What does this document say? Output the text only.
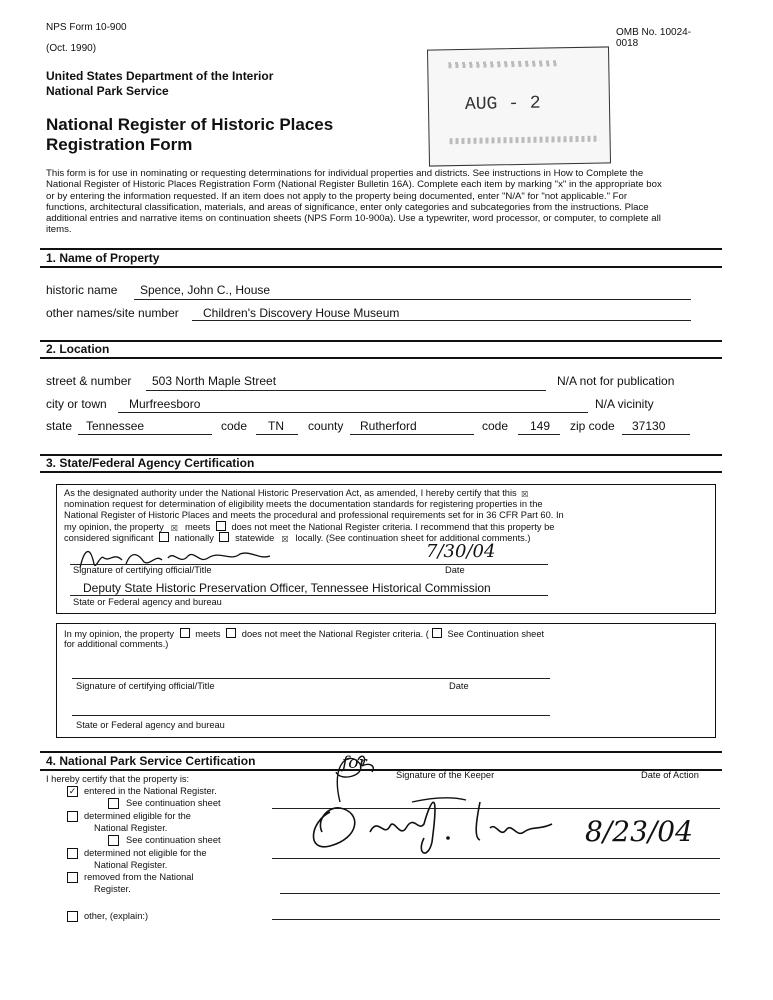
NPS Form 10-900
(Oct. 1990)
OMB No. 10024-
0018
United States Department of the Interior
National Park Service
National Register of Historic Places
Registration Form
AUG - 2
This form is for use in nominating or requesting determinations for individual properties and districts. See instructions in How to Complete the
National Register of Historic Places Registration Form (National Register Bulletin 16A). Complete each item by marking "x" in the appropriate box
or by entering the information requested. If an item does not apply to the property being documented, enter "N/A" for "not applicable." For
functions, architectural classification, materials, and areas of significance, enter only categories and subcategories from the instructions. Place
additional entries and narrative items on continuation sheets (NPS Form 10-900a). Use a typewriter, word processor, or computer, to complete all
items.
1. Name of Property
historic name Spence, John C., House
other names/site number Children's Discovery House Museum
2. Location
street & number 503 North Maple Street	N/A not for publication
city or town Murfreesboro	N/A vicinity
state Tennessee	code TN county Rutherford	code 149 zip code 37130
3. State/Federal Agency Certification
As the designated authority under the National Historic Preservation Act, as amended, I hereby certify that this ☒
nomination request for determination of eligibility meets the documentation standards for registering properties in the
National Register of Historic Places and meets the procedural and professional requirements set for in 36 CFR Part 60. In
my opinion, the property ☒ meets does not meet the National Register criteria. I recommend that this property be
considered significant nationally statewide ☒ locally. (See continuation sheet for additional comments.)
7/30/04
Signature of certifying official/Title	Date
Deputy State Historic Preservation Officer, Tennessee Historical Commission
State or Federal agency and bureau
In my opinion, the property meets does not meet the National Register criteria. ( See Continuation sheet
for additional comments.)
Signature of certifying official/Title	Date
State or Federal agency and bureau
4. National Park Service Certification
I hereby certify that the property is:	Signature of the Keeper	Date of Action
✓ entered in the National Register.
See continuation sheet
determined eligible for the
National Register.
See continuation sheet
determined not eligible for the
National Register.
removed from the National
Register.
other, (explain:)
for
8/23/04
